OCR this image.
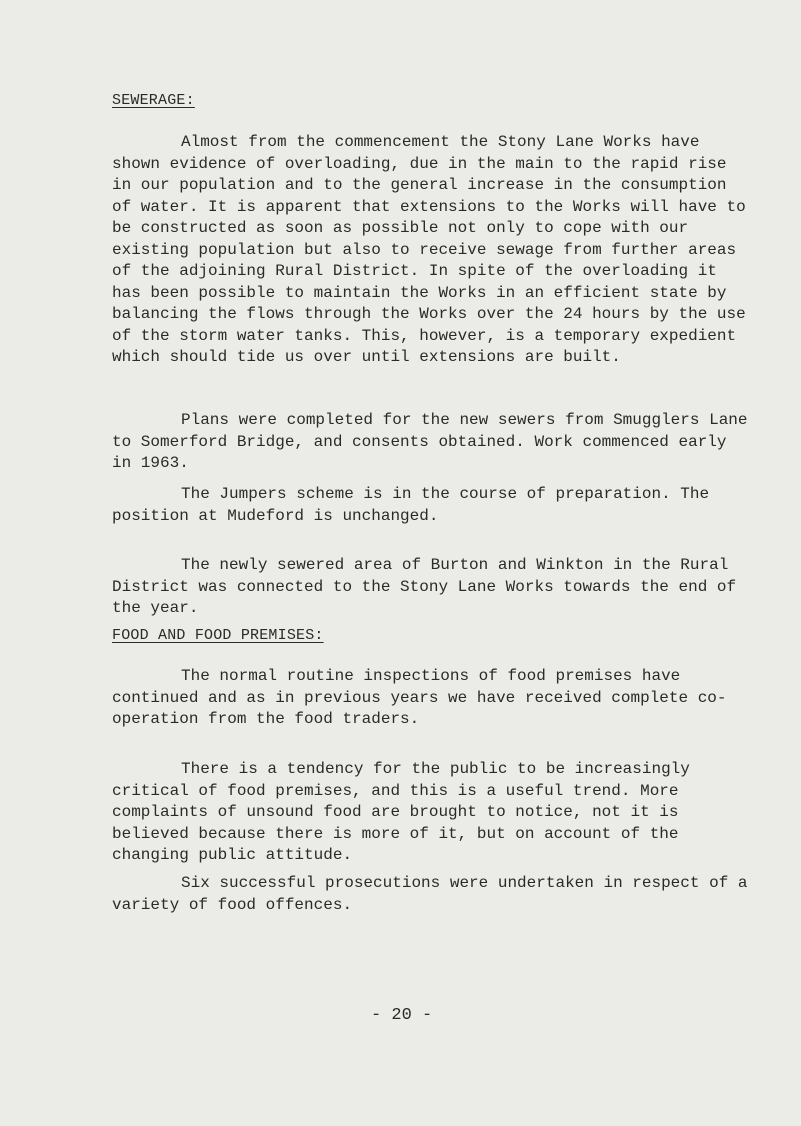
SEWERAGE:

Almost from the commencement the Stony Lane Works have shown evidence of overloading, due in the main to the rapid rise in our population and to the general increase in the consumption of water. It is apparent that extensions to the Works will have to be constructed as soon as possible not only to cope with our existing population but also to receive sewage from further areas of the adjoining Rural District. In spite of the overloading it has been possible to maintain the Works in an efficient state by balancing the flows through the Works over the 24 hours by the use of the storm water tanks. This, however, is a temporary expedient which should tide us over until extensions are built.

Plans were completed for the new sewers from Smugglers Lane to Somerford Bridge, and consents obtained. Work commenced early in 1963.

The Jumpers scheme is in the course of preparation. The position at Mudeford is unchanged.

The newly sewered area of Burton and Winkton in the Rural District was connected to the Stony Lane Works towards the end of the year.

FOOD AND FOOD PREMISES:

The normal routine inspections of food premises have continued and as in previous years we have received complete co-operation from the food traders.

There is a tendency for the public to be increasingly critical of food premises, and this is a useful trend. More complaints of unsound food are brought to notice, not it is believed because there is more of it, but on account of the changing public attitude.

Six successful prosecutions were undertaken in respect of a variety of food offences.

- 20 -
